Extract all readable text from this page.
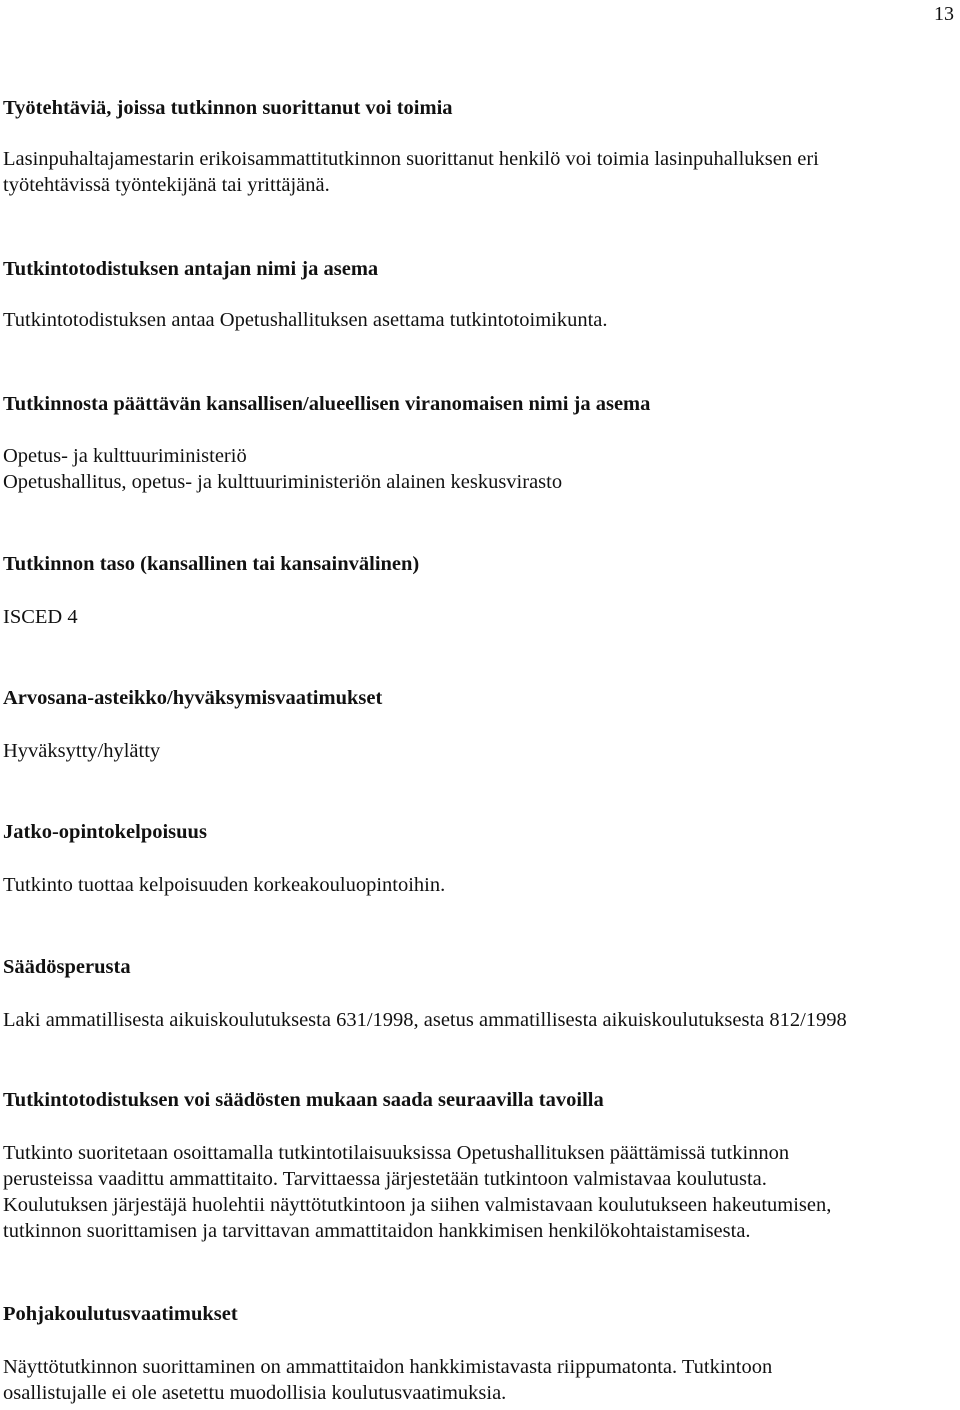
13
Työtehtäviä, joissa tutkinnon suorittanut voi toimia

Lasinpuhaltajamestarin erikoisammattitutkinnon suorittanut henkilö voi toimia lasinpuhalluksen eri

työtehtävissä työntekijänä tai yrittäjänä.

Tutkintotodistuksen antajan nimi ja asema

Tutkintotodistuksen antaa Opetushallituksen asettama tutkintotoimikunta.

Tutkinnosta päättävän kansallisen/alueellisen viranomaisen nimi ja asema

Opetus- ja kulttuuriministeriö

Opetushallitus, opetus- ja kulttuuriministeriön alainen keskusvirasto

Tutkinnon taso (kansallinen tai kansainvälinen)

ISCED 4

Arvosana-asteikko/hyväksymisvaatimukset

Hyväksytty/hylätty

Jatko-opintokelpoisuus

Tutkinto tuottaa kelpoisuuden korkeakouluopintoihin.

Säädösperusta

Laki ammatillisesta aikuiskoulutuksesta 631/1998, asetus ammatillisesta aikuiskoulutuksesta 812/1998

Tutkintotodistuksen voi säädösten mukaan saada seuraavilla tavoilla

Tutkinto suoritetaan osoittamalla tutkintotilaisuuksissa Opetushallituksen päättämissä tutkinnon

perusteissa vaadittu ammattitaito. Tarvittaessa järjestetään tutkintoon valmistavaa koulutusta.

Koulutuksen järjestäjä huolehtii näyttötutkintoon ja siihen valmistavaan koulutukseen hakeutumisen,

tutkinnon suorittamisen ja tarvittavan ammattitaidon hankkimisen henkilökohtaistamisesta.

Pohjakoulutusvaatimukset

Näyttötutkinnon suorittaminen on ammattitaidon hankkimistavasta riippumatonta. Tutkintoon

osallistujalle ei ole asetettu muodollisia koulutusvaatimuksia.
